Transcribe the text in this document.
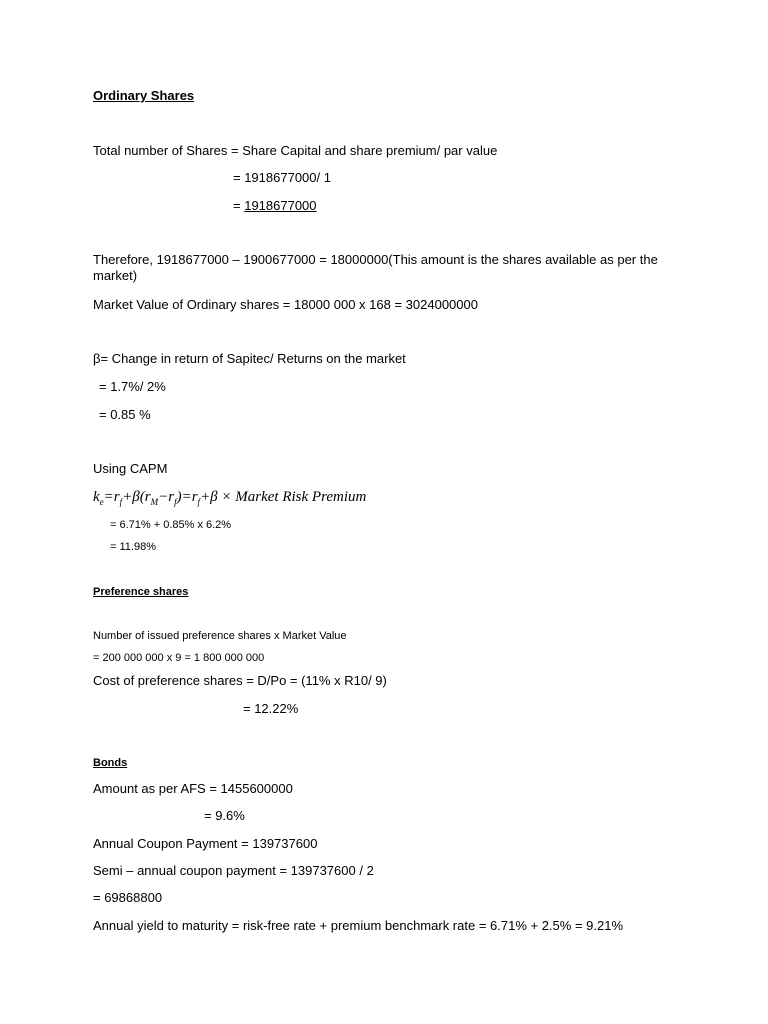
Ordinary Shares
Total number of Shares = Share Capital and share premium/ par value
= 1918677000/ 1
= 1918677000
Therefore, 1918677000 – 1900677000 = 18000000(This amount is the shares available as per the market)
Market Value of Ordinary shares = 18000 000 x 168 = 3024000000
β= Change in return of Sapitec/ Returns on the market
= 1.7%/ 2%
= 0.85 %
Using CAPM
$k_e=r_f+\beta(r_M-r_f)=r_f+\beta$ × Market Risk Premium
= 6.71% + 0.85% x 6.2%
= 11.98%
Preference shares
Number of issued preference shares x Market Value
= 200 000 000 x 9 = 1 800 000 000
Cost of preference shares = D/Po = (11% x R10/ 9)
= 12.22%
Bonds
Amount as per AFS = 1455600000
= 9.6%
Annual Coupon Payment = 139737600
Semi – annual coupon payment = 139737600 / 2
= 69868800
Annual yield to maturity = risk-free rate + premium benchmark rate = 6.71% + 2.5% = 9.21%
